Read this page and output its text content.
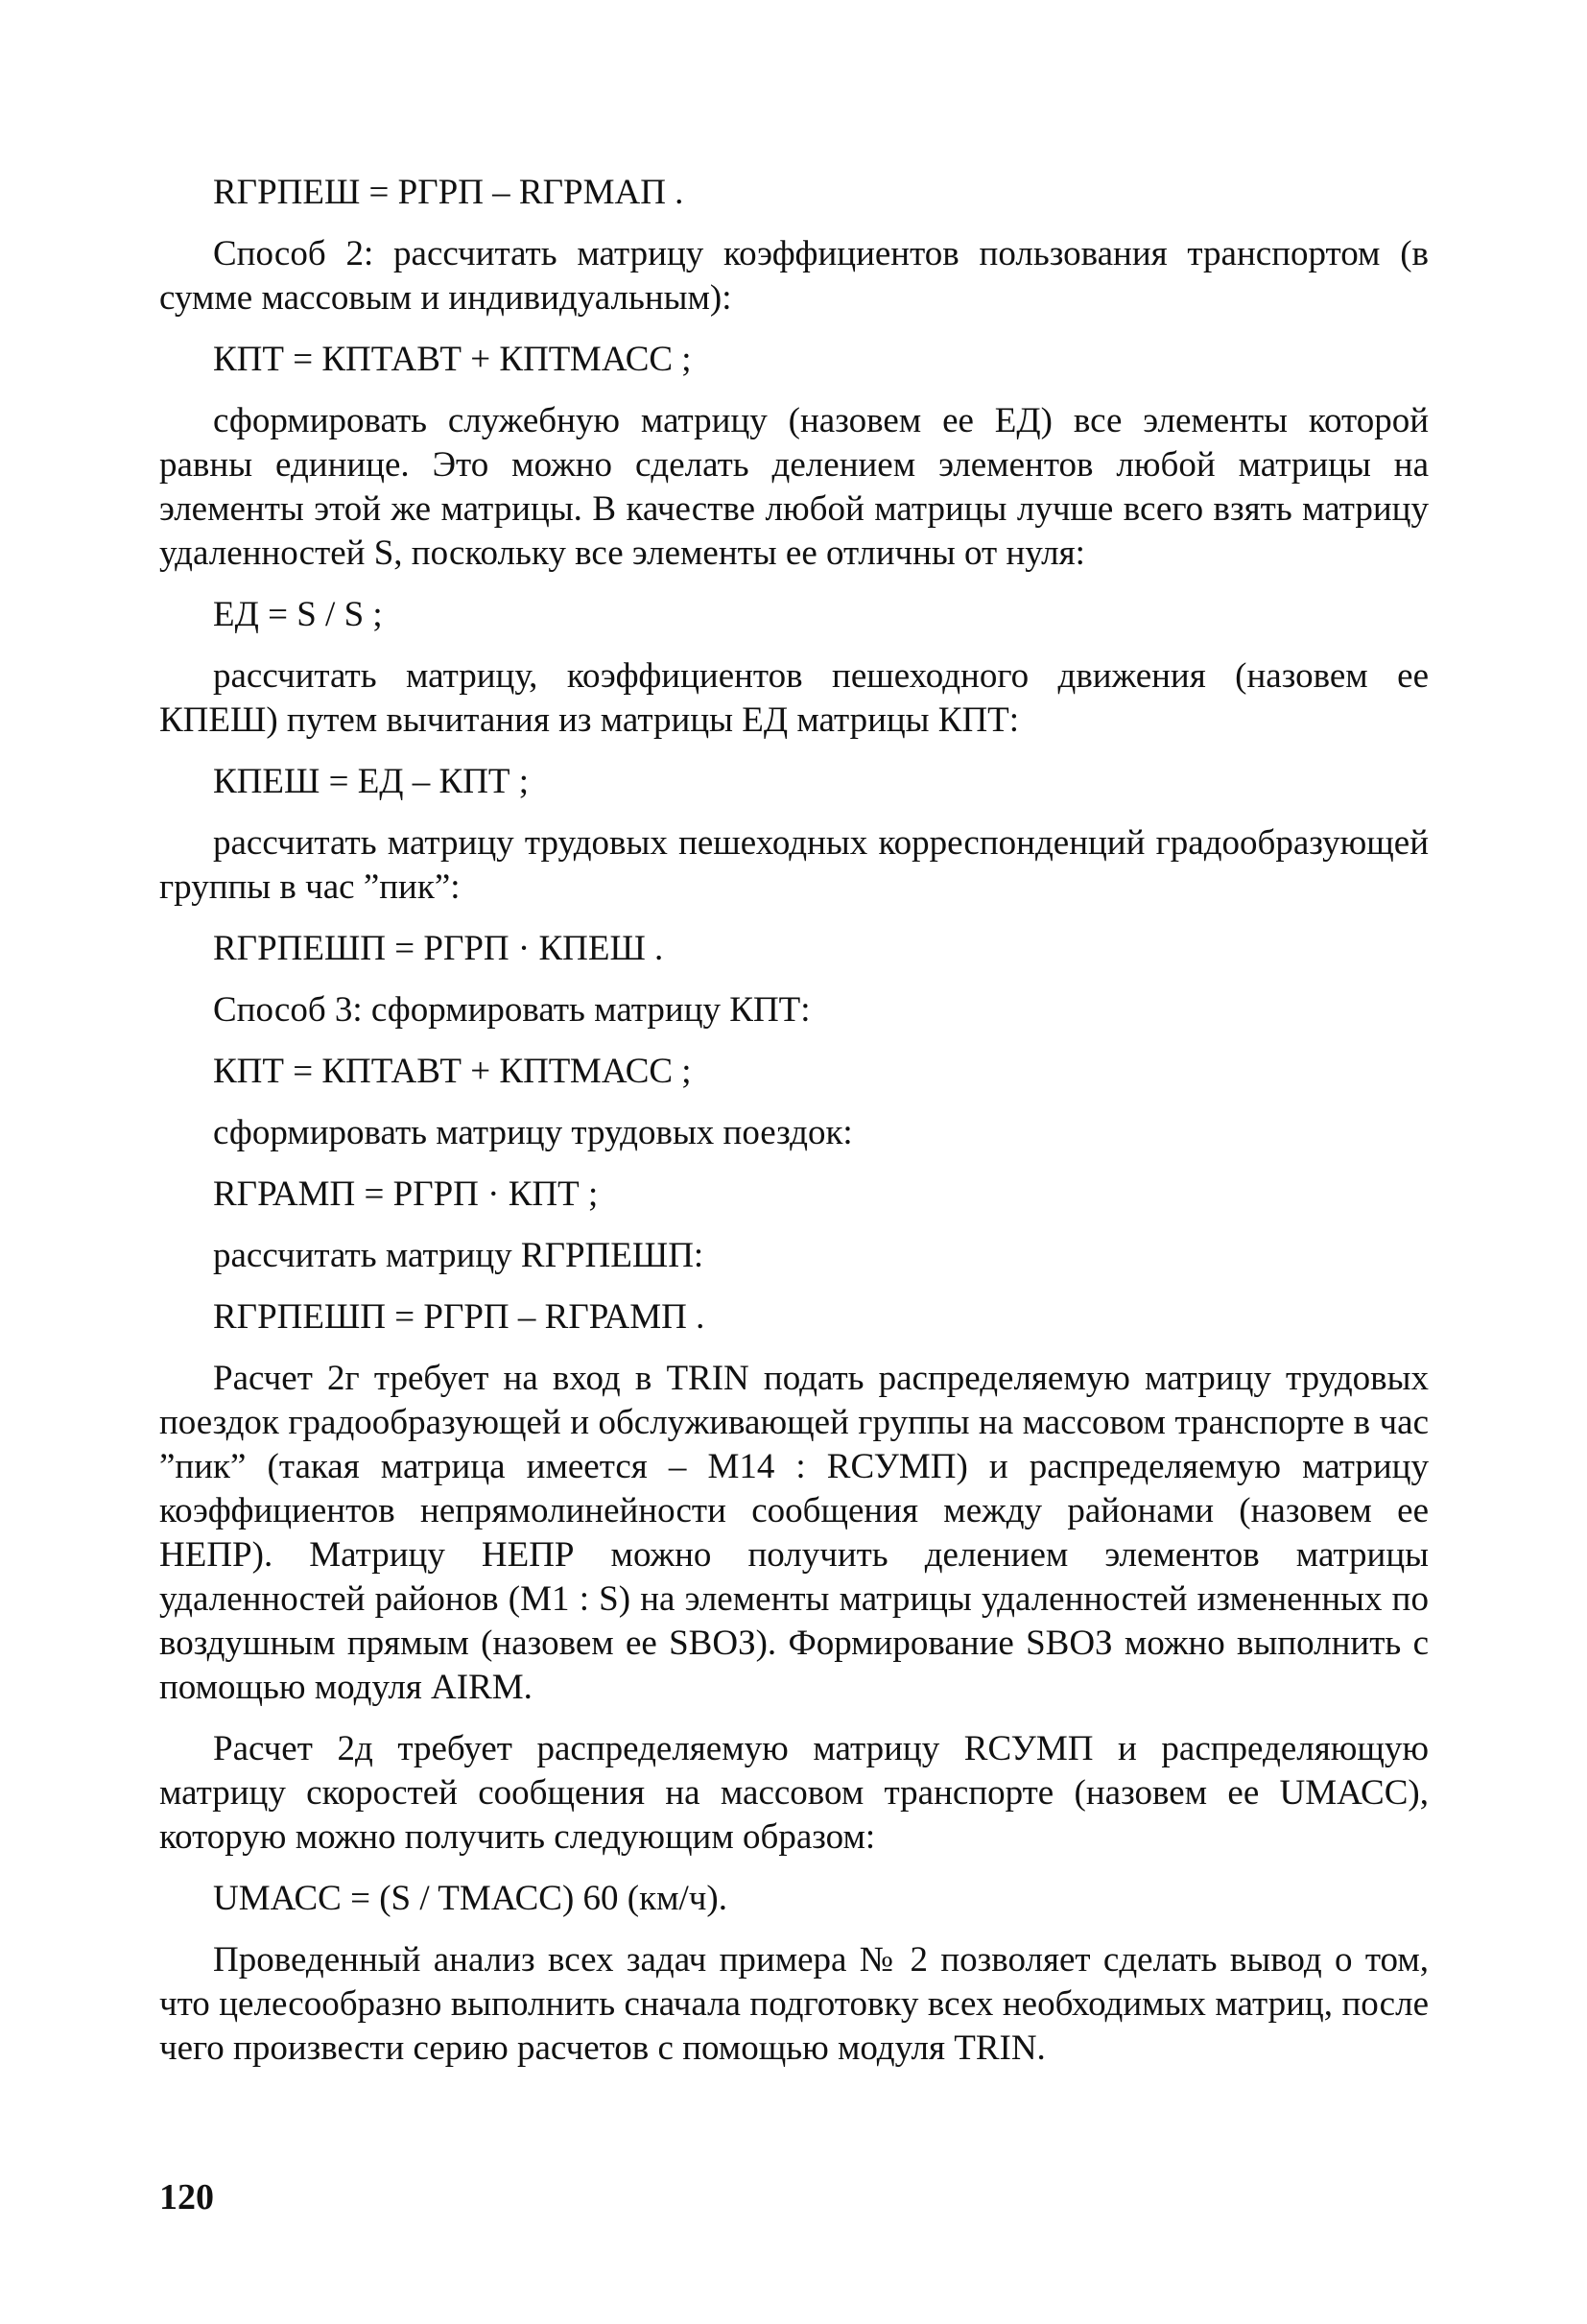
RГРПЕШ = PГРП – RГРМАП .

Способ 2: рассчитать матрицу коэффициентов пользования транспортом (в сумме массовым и индивидуальным):

КПТ = КПТАВТ + КПТМАСС ;

сформировать служебную матрицу (назовем ее ЕД) все элементы которой равны единице. Это можно сделать делением элементов любой матрицы на элементы этой же матрицы. В качестве любой матрицы лучше всего взять матрицу удаленностей S, поскольку все элементы ее отличны от нуля:

ЕД = S / S ;

рассчитать матрицу, коэффициентов пешеходного движения (назовем ее КПЕШ) путем вычитания из матрицы ЕД матрицы КПТ:

КПЕШ = ЕД – КПТ ;

рассчитать матрицу трудовых пешеходных корреспонденций градообразующей группы в час ”пик”:

RГРПЕШП = PГРП · КПЕШ .
Способ 3: сформировать матрицу КПТ:
КПТ = КПТАВТ + КПТМАСС ;
сформировать матрицу трудовых поездок:
RГРАМП = PГРП · КПТ ;
рассчитать матрицу RГРПЕШП:
RГРПЕШП = PГРП – RГРАМП .

Расчет 2г требует на вход в TRIN подать распределяемую матрицу трудовых поездок градообразующей и обслуживающей группы на массовом транспорте в час ”пик” (такая матрица имеется – М14 : RСУМП) и распределяемую матрицу коэффициентов непрямолинейности сообщения между районами (назовем ее НЕПР). Матрицу НЕПР можно получить делением элементов матрицы удаленностей районов (М1 : S) на элементы матрицы удаленностей измененных по воздушным прямым (назовем ее SВОЗ). Формирование SВОЗ можно выполнить с помощью модуля AIRM.

Расчет 2д требует распределяемую матрицу RСУМП и распределяющую матрицу скоростей сообщения на массовом транспорте (назовем ее UМАСС), которую можно получить следующим образом:

UМАСС = (S / TМАСС) 60 (км/ч).

Проведенный анализ всех задач примера № 2 позволяет сделать вывод о том, что целесообразно выполнить сначала подготовку всех необходимых матриц, после чего произвести серию расчетов с помощью модуля TRIN.

120
